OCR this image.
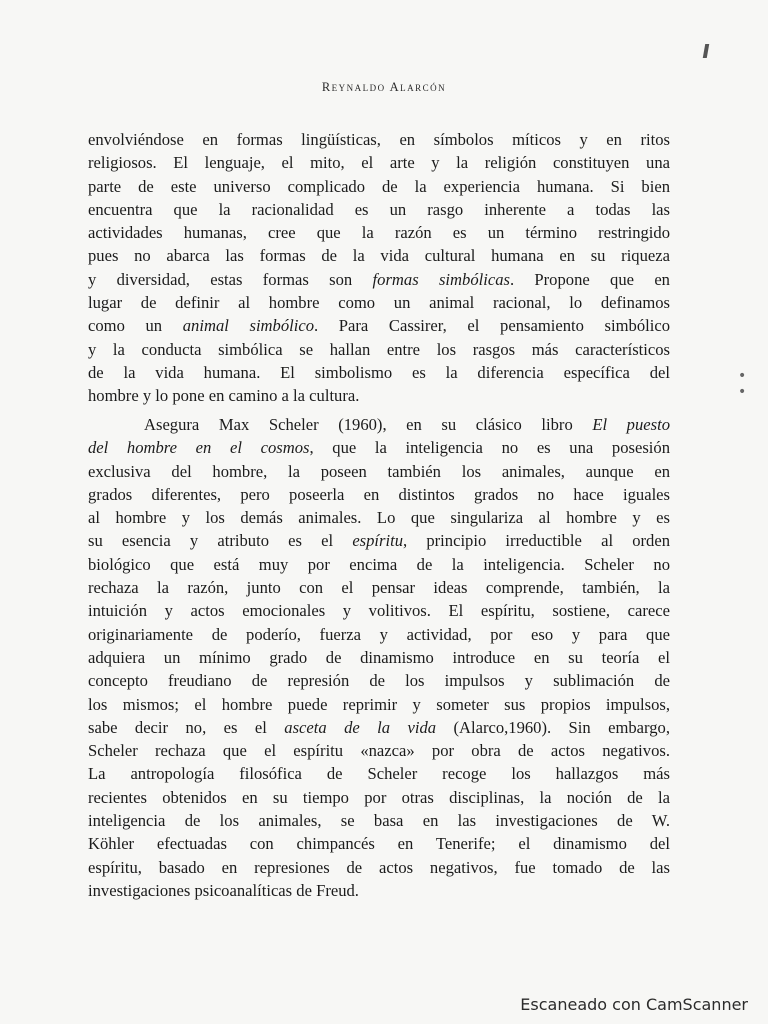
• •
Reynaldo Alarcón
envolviéndose en formas lingüísticas, en símbolos míticos y en ritos
religiosos. El lenguaje, el mito, el arte y la religión constituyen una
parte de este universo complicado de la experiencia humana. Si bien
encuentra que la racionalidad es un rasgo inherente a todas las
actividades humanas, cree que la razón es un término restringido
pues no abarca las formas de la vida cultural humana en su riqueza
y diversidad, estas formas son formas simbólicas. Propone que en
lugar de definir al hombre como un animal racional, lo definamos
como un animal simbólico. Para Cassirer, el pensamiento simbólico
y la conducta simbólica se hallan entre los rasgos más característicos
de la vida humana. El simbolismo es la diferencia específica del
hombre y lo pone en camino a la cultura.
Asegura Max Scheler (1960), en su clásico libro El puesto
del hombre en el cosmos, que la inteligencia no es una posesión
exclusiva del hombre, la poseen también los animales, aunque en
grados diferentes, pero poseerla en distintos grados no hace iguales
al hombre y los demás animales. Lo que singulariza al hombre y es
su esencia y atributo es el espíritu, principio irreductible al orden
biológico que está muy por encima de la inteligencia. Scheler no
rechaza la razón, junto con el pensar ideas comprende, también, la
intuición y actos emocionales y volitivos. El espíritu, sostiene, carece
originariamente de poderío, fuerza y actividad, por eso y para que
adquiera un mínimo grado de dinamismo introduce en su teoría el
concepto freudiano de represión de los impulsos y sublimación de
los mismos; el hombre puede reprimir y someter sus propios impulsos,
sabe decir no, es el asceta de la vida (Alarco,1960). Sin embargo,
Scheler rechaza que el espíritu «nazca» por obra de actos negativos.
La antropología filosófica de Scheler recoge los hallazgos más
recientes obtenidos en su tiempo por otras disciplinas, la noción de la
inteligencia de los animales, se basa en las investigaciones de W.
Köhler efectuadas con chimpancés en Tenerife; el dinamismo del
espíritu, basado en represiones de actos negativos, fue tomado de las
investigaciones psicoanalíticas de Freud.
Escaneado con CamScanner
